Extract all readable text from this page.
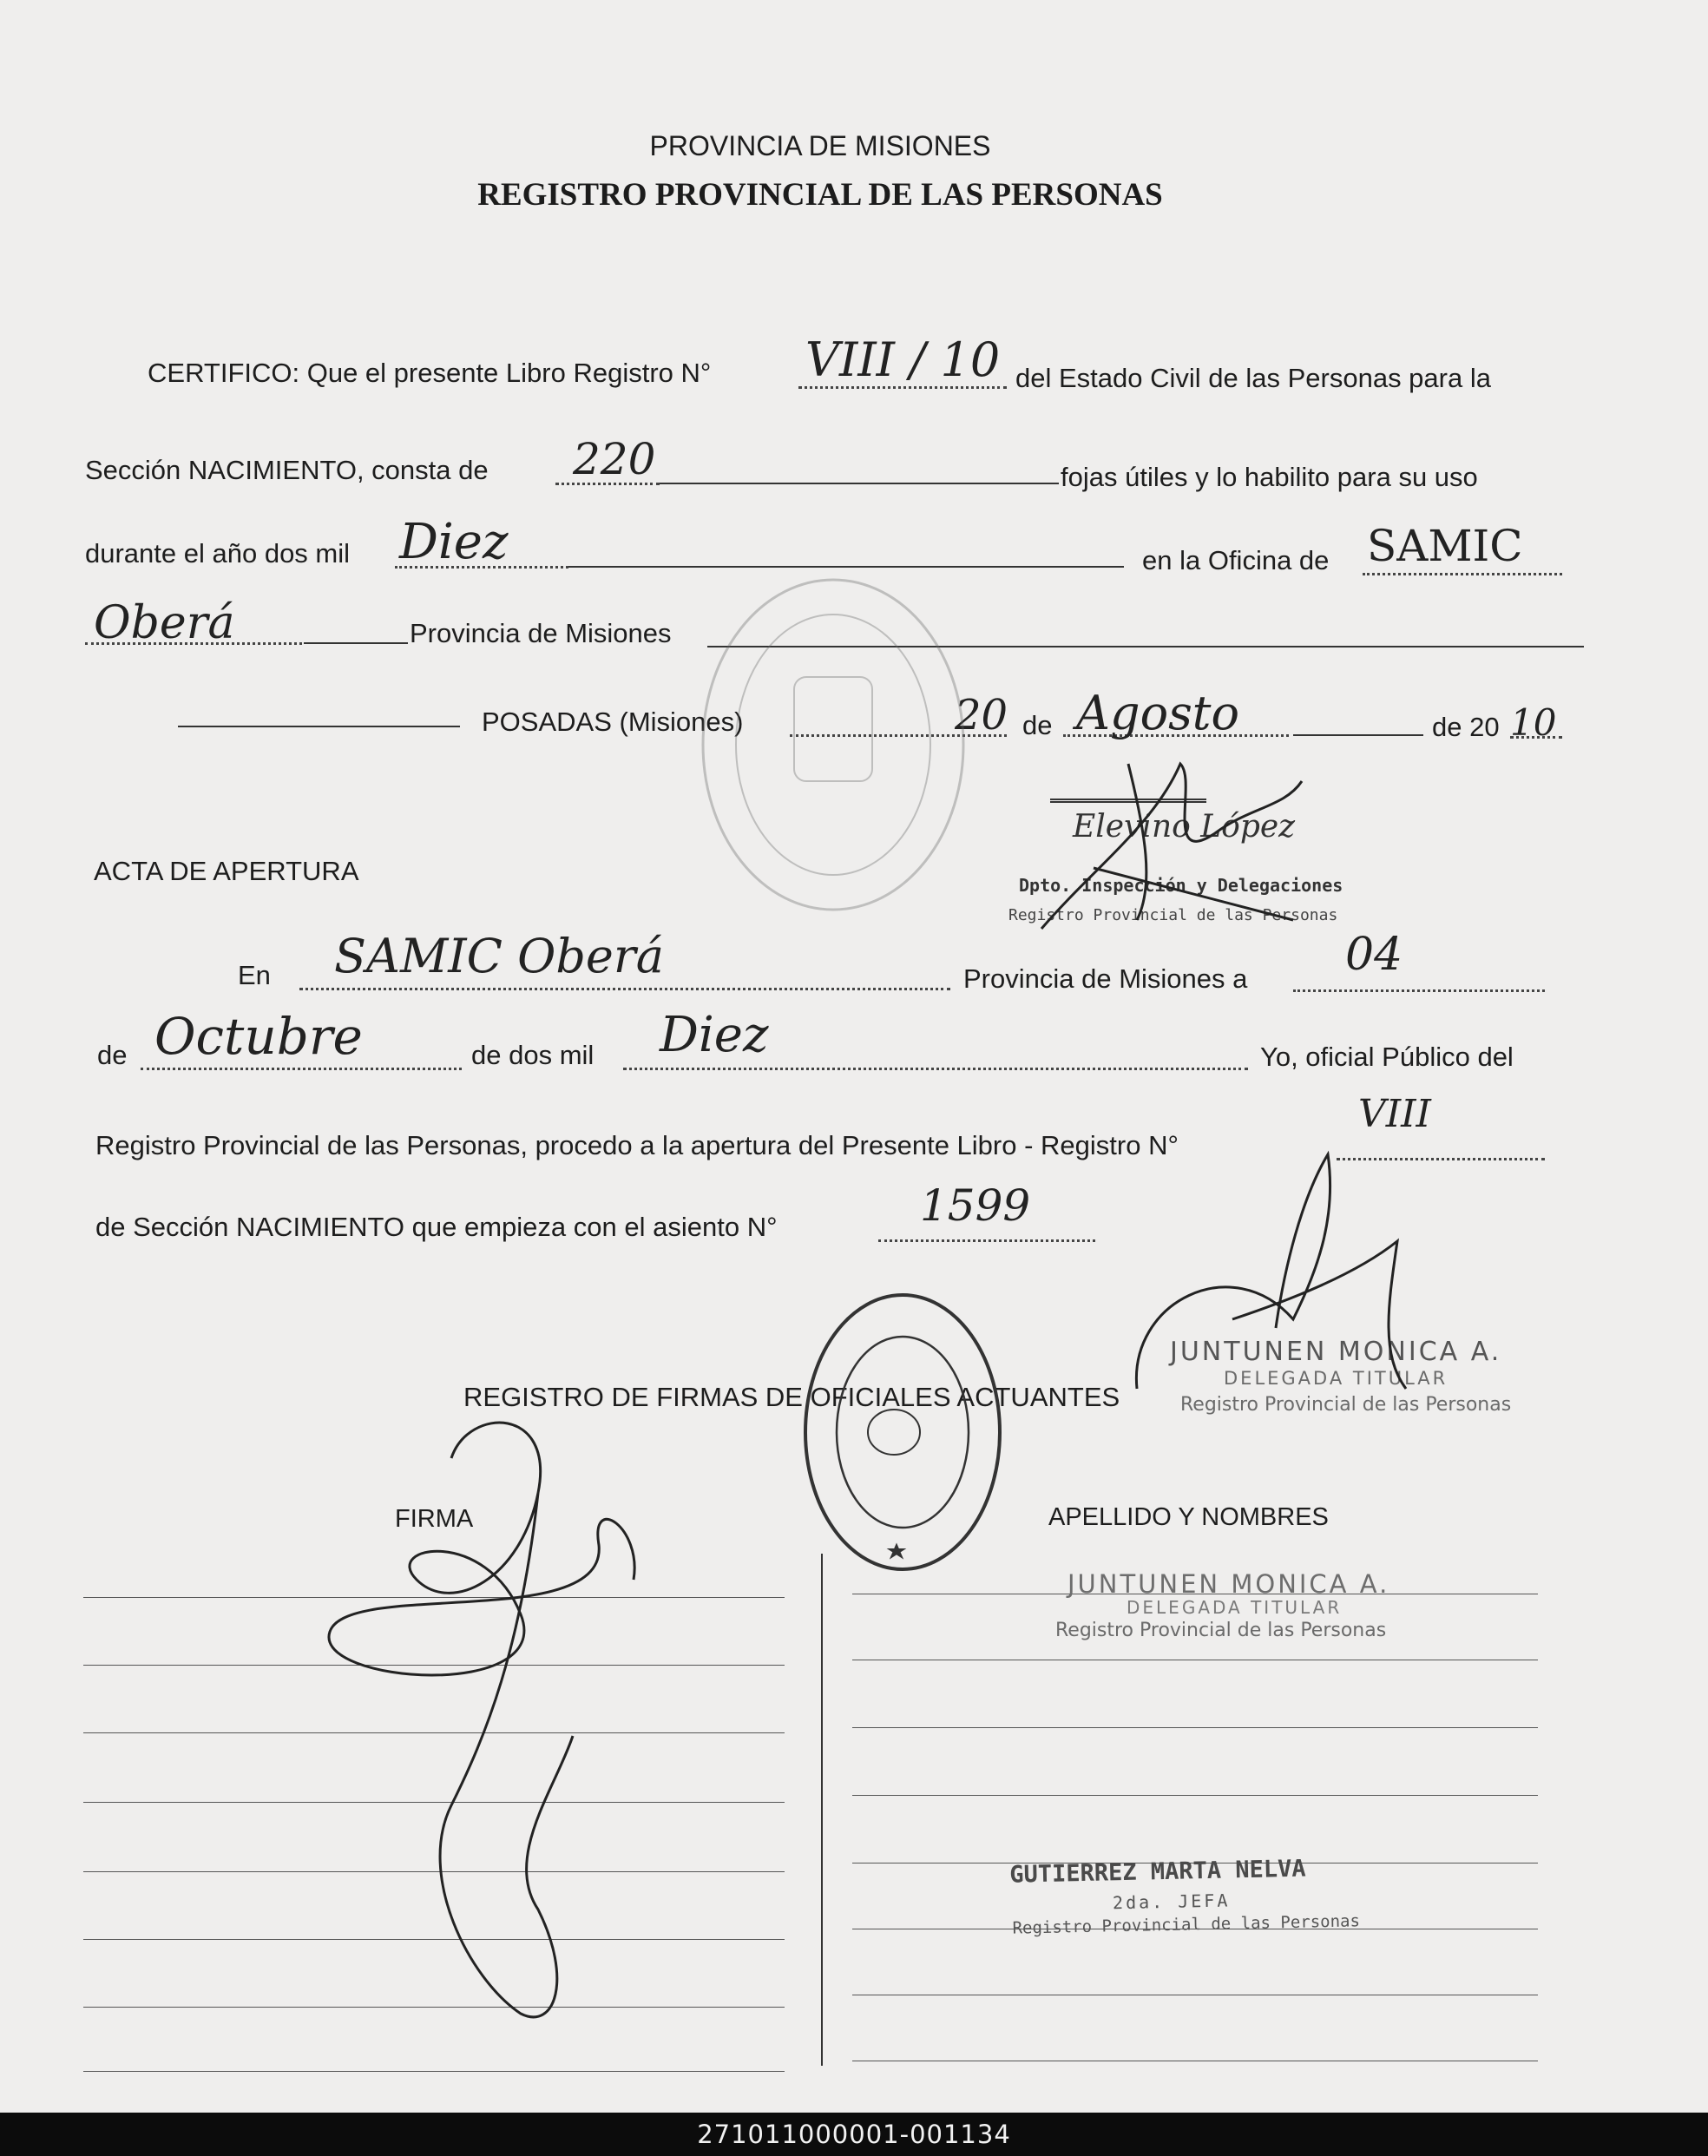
PROVINCIA DE MISIONES
REGISTRO PROVINCIAL DE LAS PERSONAS
CERTIFICO: Que el presente Libro Registro N° VIII / 10 del Estado Civil de las Personas para la
Sección NACIMIENTO, consta de 220	fojas útiles y lo habilito para su uso
durante el año dos mil Diez	en la Oficina de SAMIC
Oberá	Provincia de Misiones
POSADAS (Misiones)	20 de Agosto	de 20 10
Elevino López
Dpto. Inspección y Delegaciones
Registro Provincial de las Personas
ACTA DE APERTURA
En SAMIC Oberá	Provincia de Misiones a 04
de Octubre	de dos mil Diez	Yo, oficial Público del
Registro Provincial de las Personas, procedo a la apertura del Presente Libro - Registro N°
VIII
de Sección NACIMIENTO que empieza con el asiento N°	1599
JUNTUNEN MONICA A.
DELEGADA TITULAR
Registro Provincial de las Personas
REGISTRO DE FIRMAS DE OFICIALES ACTUANTES
FIRMA	APELLIDO Y NOMBRES
JUNTUNEN MONICA A.
DELEGADA TITULAR
Registro Provincial de las Personas
GUTIERREZ MARTA NELVA
2da. JEFA
Registro Provincial de las Personas
271011000001-001134
